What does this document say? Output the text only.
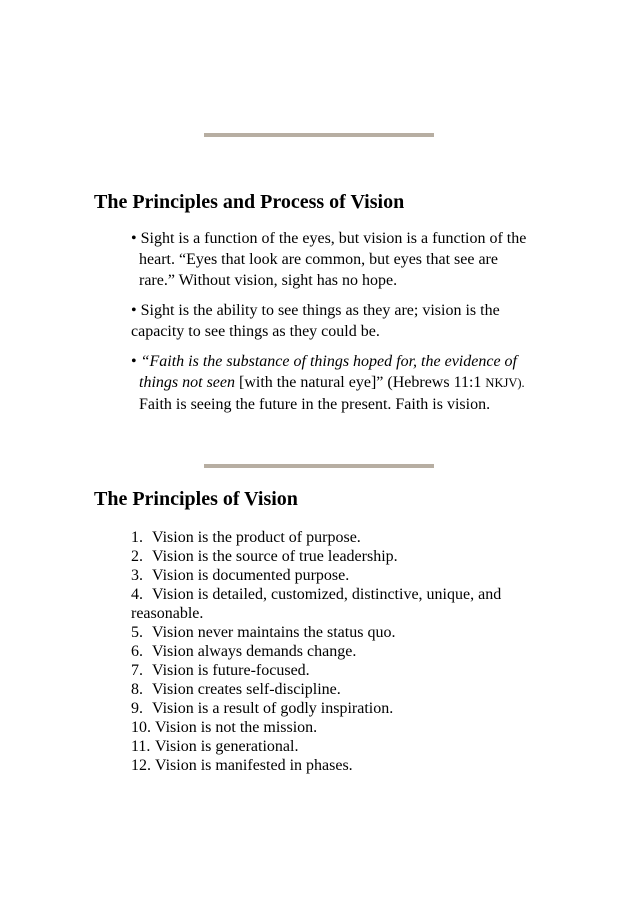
The Principles and Process of Vision
• Sight is a function of the eyes, but vision is a function of the
heart. “Eyes that look are common, but eyes that see are
rare.” Without vision, sight has no hope.
• Sight is the ability to see things as they are; vision is the
capacity to see things as they could be.
• “Faith is the substance of things hoped for, the evidence of
things not seen [with the natural eye]” (Hebrews 11:1 NKJV).
Faith is seeing the future in the present. Faith is vision.
The Principles of Vision
1. Vision is the product of purpose.
2. Vision is the source of true leadership.
3. Vision is documented purpose.
4. Vision is detailed, customized, distinctive, unique, and
reasonable.
5. Vision never maintains the status quo.
6. Vision always demands change.
7. Vision is future-focused.
8. Vision creates self-discipline.
9. Vision is a result of godly inspiration.
10. Vision is not the mission.
11. Vision is generational.
12. Vision is manifested in phases.
